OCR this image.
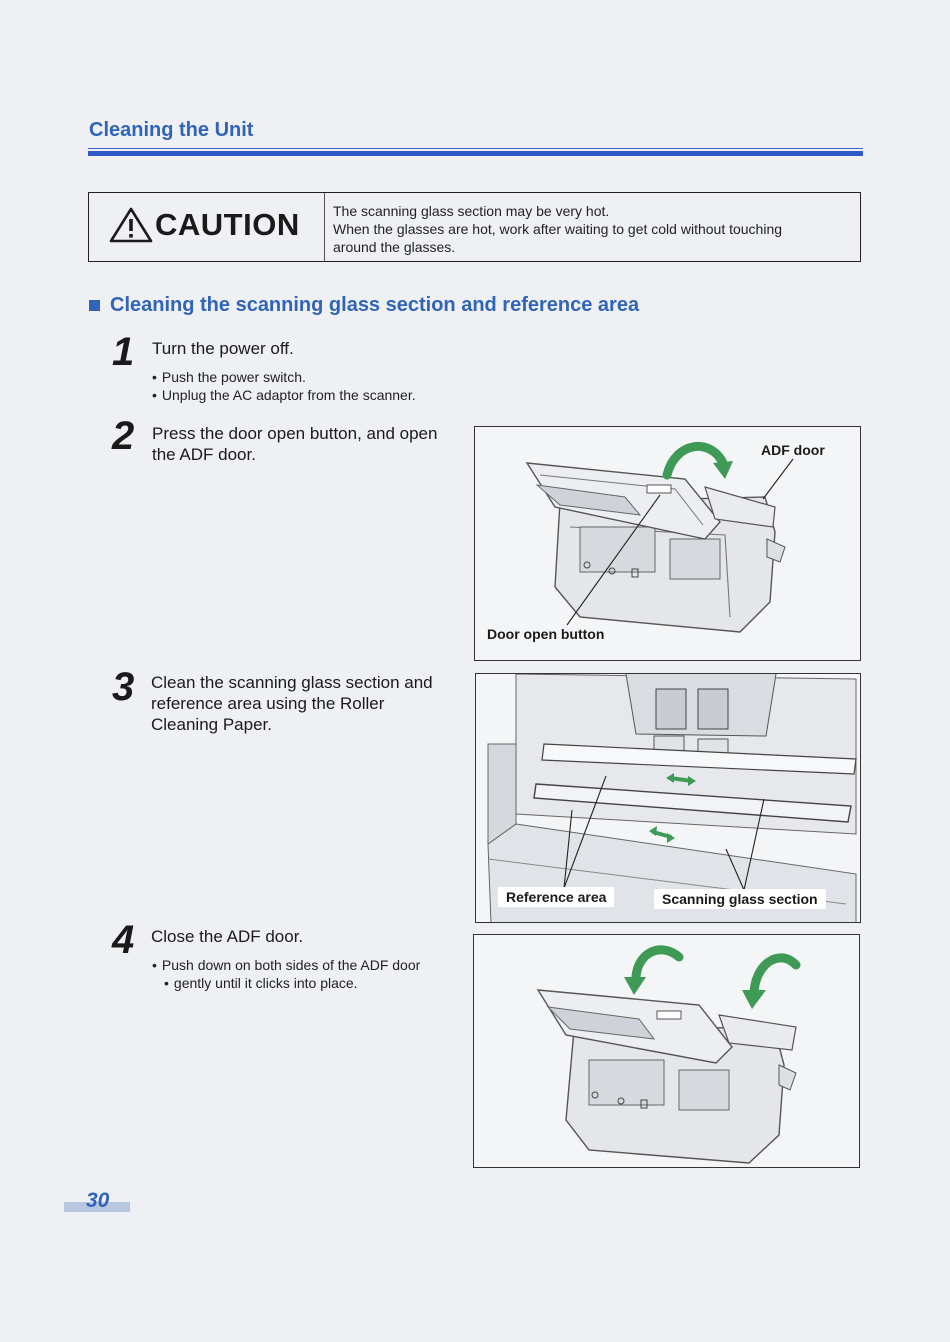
Cleaning the Unit
CAUTION The scanning glass section may be very hot.
When the glasses are hot, work after waiting to get cold without touching
around the glasses.
Cleaning the scanning glass section and reference area
1 Turn the power off.
• Push the power switch.
• Unplug the AC adaptor from the scanner.
2 Press the door open button, and open
the ADF door.	ADF door
Door open button
3 Clean the scanning glass section and
reference area using the Roller
Cleaning Paper.
Reference area	Scanning glass section
4 Close the ADF door.
• Push down on both sides of the ADF door
• gently until it clicks into place.
30
